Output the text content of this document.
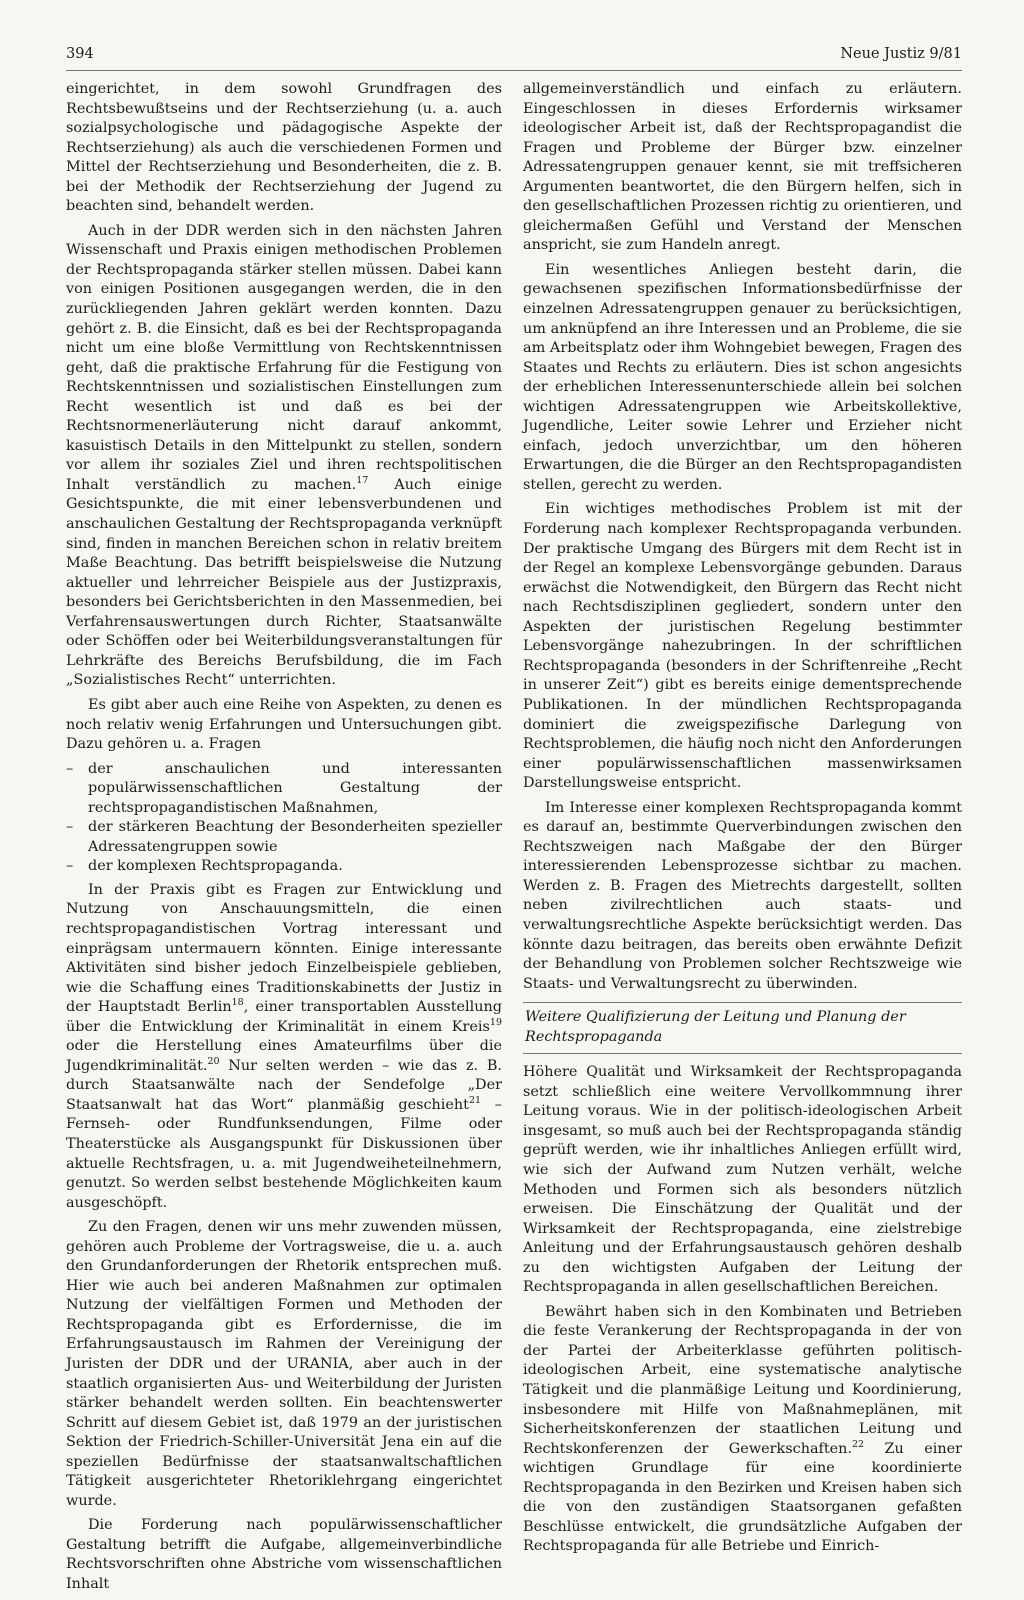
394	Neue Justiz 9/81

eingerichtet, in dem sowohl Grundfragen des Rechtsbewußtseins und der Rechtserziehung (u. a. auch sozialpsychologische und pädagogische Aspekte der Rechtserziehung) als auch die verschiedenen Formen und Mittel der Rechtserziehung und Besonderheiten, die z. B. bei der Methodik der Rechtserziehung der Jugend zu beachten sind, behandelt werden.

Auch in der DDR werden sich in den nächsten Jahren Wissenschaft und Praxis einigen methodischen Problemen der Rechtspropaganda stärker stellen müssen. Dabei kann von einigen Positionen ausgegangen werden, die in den zurückliegenden Jahren geklärt werden konnten. Dazu gehört z. B. die Einsicht, daß es bei der Rechtspropaganda nicht um eine bloße Vermittlung von Rechtskenntnissen geht, daß die praktische Erfahrung für die Festigung von Rechtskenntnissen und sozialistischen Einstellungen zum Recht wesentlich ist und daß es bei der Rechtsnormenerläuterung nicht darauf ankommt, kasuistisch Details in den Mittelpunkt zu stellen, sondern vor allem ihr soziales Ziel und ihren rechtspolitischen Inhalt verständlich zu machen.$^{17}$ Auch einige Gesichtspunkte, die mit einer lebensverbundenen und anschaulichen Gestaltung der Rechtspropaganda verknüpft sind, finden in manchen Bereichen schon in relativ breitem Maße Beachtung. Das betrifft beispielsweise die Nutzung aktueller und lehrreicher Beispiele aus der Justizpraxis, besonders bei Gerichtsberichten in den Massenmedien, bei Verfahrensauswertungen durch Richter, Staatsanwälte oder Schöffen oder bei Weiterbildungsveranstaltungen für Lehrkräfte des Bereichs Berufsbildung, die im Fach „Sozialistisches Recht“ unterrichten.

Es gibt aber auch eine Reihe von Aspekten, zu denen es noch relativ wenig Erfahrungen und Untersuchungen gibt. Dazu gehören u. a. Fragen

– der anschaulichen und interessanten populärwissenschaftlichen Gestaltung der rechtspropagandistischen Maßnahmen,
– der stärkeren Beachtung der Besonderheiten spezieller Adressatengruppen sowie
– der komplexen Rechtspropaganda.

In der Praxis gibt es Fragen zur Entwicklung und Nutzung von Anschauungsmitteln, die einen rechtspropagandistischen Vortrag interessant und einprägsam untermauern könnten. Einige interessante Aktivitäten sind bisher jedoch Einzelbeispiele geblieben, wie die Schaffung eines Traditionskabinetts der Justiz in der Hauptstadt Berlin$^{18}$, einer transportablen Ausstellung über die Entwicklung der Kriminalität in einem Kreis$^{19}$ oder die Herstellung eines Amateurfilms über die Jugendkriminalität.$^{20}$ Nur selten werden – wie das z. B. durch Staatsanwälte nach der Sendefolge „Der Staatsanwalt hat das Wort“ planmäßig geschieht$^{21}$ – Fernseh- oder Rundfunksendungen, Filme oder Theaterstücke als Ausgangspunkt für Diskussionen über aktuelle Rechtsfragen, u. a. mit Jugendweiheteilnehmern, genutzt. So werden selbst bestehende Möglichkeiten kaum ausgeschöpft.

Zu den Fragen, denen wir uns mehr zuwenden müssen, gehören auch Probleme der Vortragsweise, die u. a. auch den Grundanforderungen der Rhetorik entsprechen muß. Hier wie auch bei anderen Maßnahmen zur optimalen Nutzung der vielfältigen Formen und Methoden der Rechtspropaganda gibt es Erfordernisse, die im Erfahrungsaustausch im Rahmen der Vereinigung der Juristen der DDR und der URANIA, aber auch in der staatlich organisierten Aus- und Weiterbildung der Juristen stärker behandelt werden sollten. Ein beachtenswerter Schritt auf diesem Gebiet ist, daß 1979 an der juristischen Sektion der Friedrich-Schiller-Universität Jena ein auf die speziellen Bedürfnisse der staatsanwaltschaftlichen Tätigkeit ausgerichteter Rhetoriklehrgang eingerichtet wurde.

Die Forderung nach populärwissenschaftlicher Gestaltung betrifft die Aufgabe, allgemeinverbindliche Rechtsvorschriften ohne Abstriche vom wissenschaftlichen Inhalt

allgemeinverständlich und einfach zu erläutern. Eingeschlossen in dieses Erfordernis wirksamer ideologischer Arbeit ist, daß der Rechtspropagandist die Fragen und Probleme der Bürger bzw. einzelner Adressatengruppen genauer kennt, sie mit treffsicheren Argumenten beantwortet, die den Bürgern helfen, sich in den gesellschaftlichen Prozessen richtig zu orientieren, und gleichermaßen Gefühl und Verstand der Menschen anspricht, sie zum Handeln anregt.

Ein wesentliches Anliegen besteht darin, die gewachsenen spezifischen Informationsbedürfnisse der einzelnen Adressatengruppen genauer zu berücksichtigen, um anknüpfend an ihre Interessen und an Probleme, die sie am Arbeitsplatz oder ihm Wohngebiet bewegen, Fragen des Staates und Rechts zu erläutern. Dies ist schon angesichts der erheblichen Interessenunterschiede allein bei solchen wichtigen Adressatengruppen wie Arbeitskollektive, Jugendliche, Leiter sowie Lehrer und Erzieher nicht einfach, jedoch unverzichtbar, um den höheren Erwartungen, die die Bürger an den Rechtspropagandisten stellen, gerecht zu werden.

Ein wichtiges methodisches Problem ist mit der Forderung nach komplexer Rechtspropaganda verbunden. Der praktische Umgang des Bürgers mit dem Recht ist in der Regel an komplexe Lebensvorgänge gebunden. Daraus erwächst die Notwendigkeit, den Bürgern das Recht nicht nach Rechtsdisziplinen gegliedert, sondern unter den Aspekten der juristischen Regelung bestimmter Lebensvorgänge nahezubringen. In der schriftlichen Rechtspropaganda (besonders in der Schriftenreihe „Recht in unserer Zeit“) gibt es bereits einige dementsprechende Publikationen. In der mündlichen Rechtspropaganda dominiert die zweigspezifische Darlegung von Rechtsproblemen, die häufig noch nicht den Anforderungen einer populärwissenschaftlichen massenwirksamen Darstellungsweise entspricht.

Im Interesse einer komplexen Rechtspropaganda kommt es darauf an, bestimmte Querverbindungen zwischen den Rechtszweigen nach Maßgabe der den Bürger interessierenden Lebensprozesse sichtbar zu machen. Werden z. B. Fragen des Mietrechts dargestellt, sollten neben zivilrechtlichen auch staats- und verwaltungsrechtliche Aspekte berücksichtigt werden. Das könnte dazu beitragen, das bereits oben erwähnte Defizit der Behandlung von Problemen solcher Rechtszweige wie Staats- und Verwaltungsrecht zu überwinden.

Weitere Qualifizierung der Leitung und Planung der Rechtspropaganda

Höhere Qualität und Wirksamkeit der Rechtspropaganda setzt schließlich eine weitere Vervollkommnung ihrer Leitung voraus. Wie in der politisch-ideologischen Arbeit insgesamt, so muß auch bei der Rechtspropaganda ständig geprüft werden, wie ihr inhaltliches Anliegen erfüllt wird, wie sich der Aufwand zum Nutzen verhält, welche Methoden und Formen sich als besonders nützlich erweisen. Die Einschätzung der Qualität und der Wirksamkeit der Rechtspropaganda, eine zielstrebige Anleitung und der Erfahrungsaustausch gehören deshalb zu den wichtigsten Aufgaben der Leitung der Rechtspropaganda in allen gesellschaftlichen Bereichen.

Bewährt haben sich in den Kombinaten und Betrieben die feste Verankerung der Rechtspropaganda in der von der Partei der Arbeiterklasse geführten politisch-ideologischen Arbeit, eine systematische analytische Tätigkeit und die planmäßige Leitung und Koordinierung, insbesondere mit Hilfe von Maßnahmeplänen, mit Sicherheitskonferenzen der staatlichen Leitung und Rechtskonferenzen der Gewerkschaften.$^{22}$ Zu einer wichtigen Grundlage für eine koordinierte Rechtspropaganda in den Bezirken und Kreisen haben sich die von den zuständigen Staatsorganen gefaßten Beschlüsse entwickelt, die grundsätzliche Aufgaben der Rechtspropaganda für alle Betriebe und Einrich-
